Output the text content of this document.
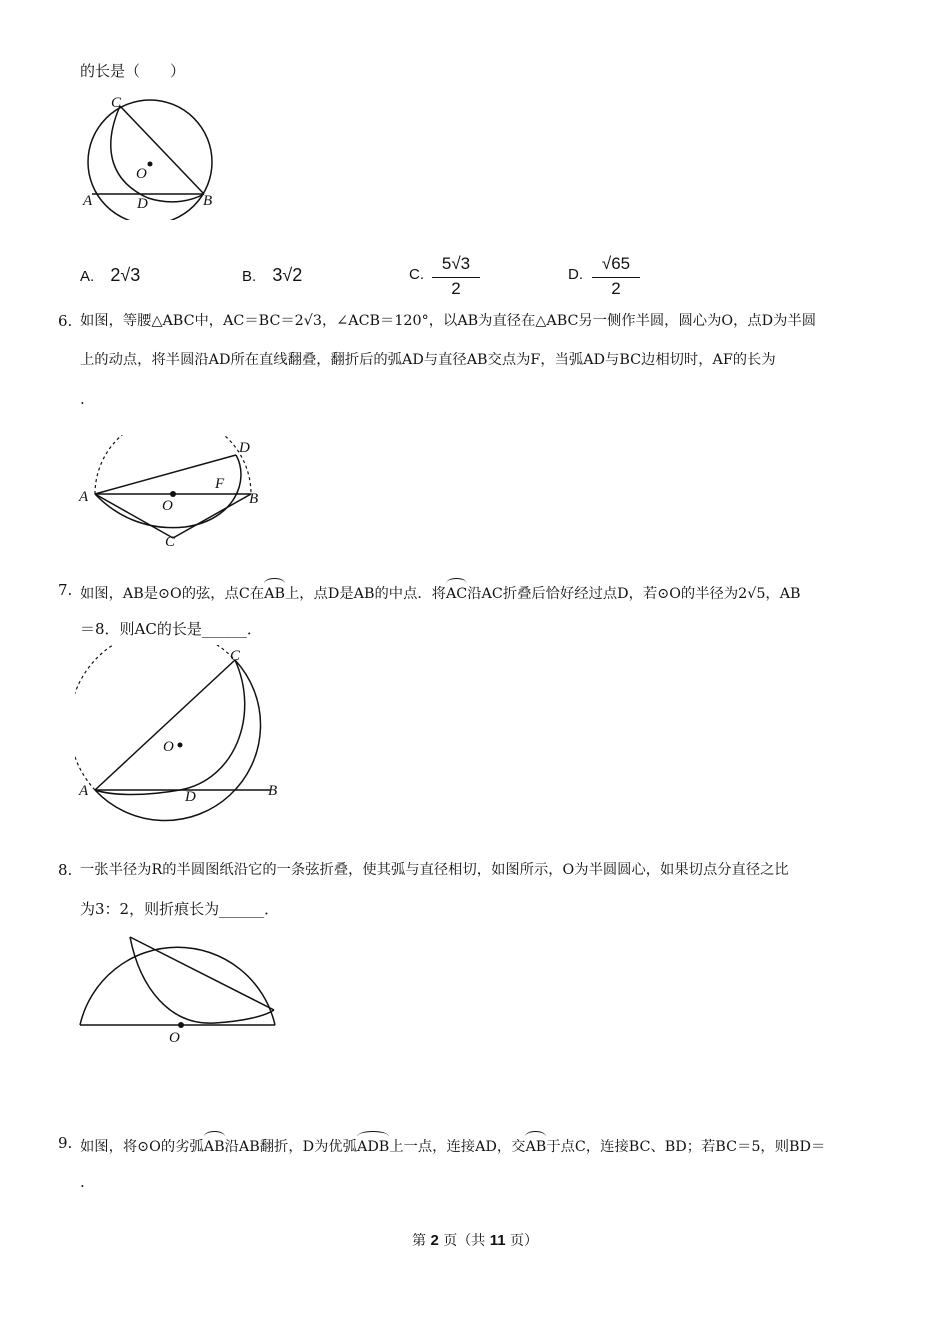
的长是（　　）
C
O
A	D	B
A. 2√3	B. 3√2	C. $\frac{5√3}{2}$	D. $\frac{√65}{2}$
6. 如图，等腰△ABC中，AC＝BC＝2√3，∠ACB＝120°，以AB为直径在△ABC另一侧作半圆，圆心为O，点D为半圆
上的动点，将半圆沿AD所在直线翻叠，翻折后的弧AD与直径AB交点为F，当弧AD与BC边相切时，AF的长为
.
D
A
F
B
O
C
7. 如图，AB是⊙O的弦，点C在AB上，点D是AB的中点．将AC沿AC折叠后恰好经过点D，若⊙O的半径为2√5，AB
＝8．则AC的长是______．
C
O
A	D	B
8. 一张半径为R的半圆图纸沿它的一条弦折叠，使其弧与直径相切，如图所示，O为半圆圆心，如果切点分直径之比
为3：2，则折痕长为______．
O
9. 如图，将⊙O的劣弧AB沿AB翻折，D为优弧ADB上一点，连接AD，交AB于点C，连接BC、BD；若BC＝5，则BD＝
.
第 2 页（共 11 页）
